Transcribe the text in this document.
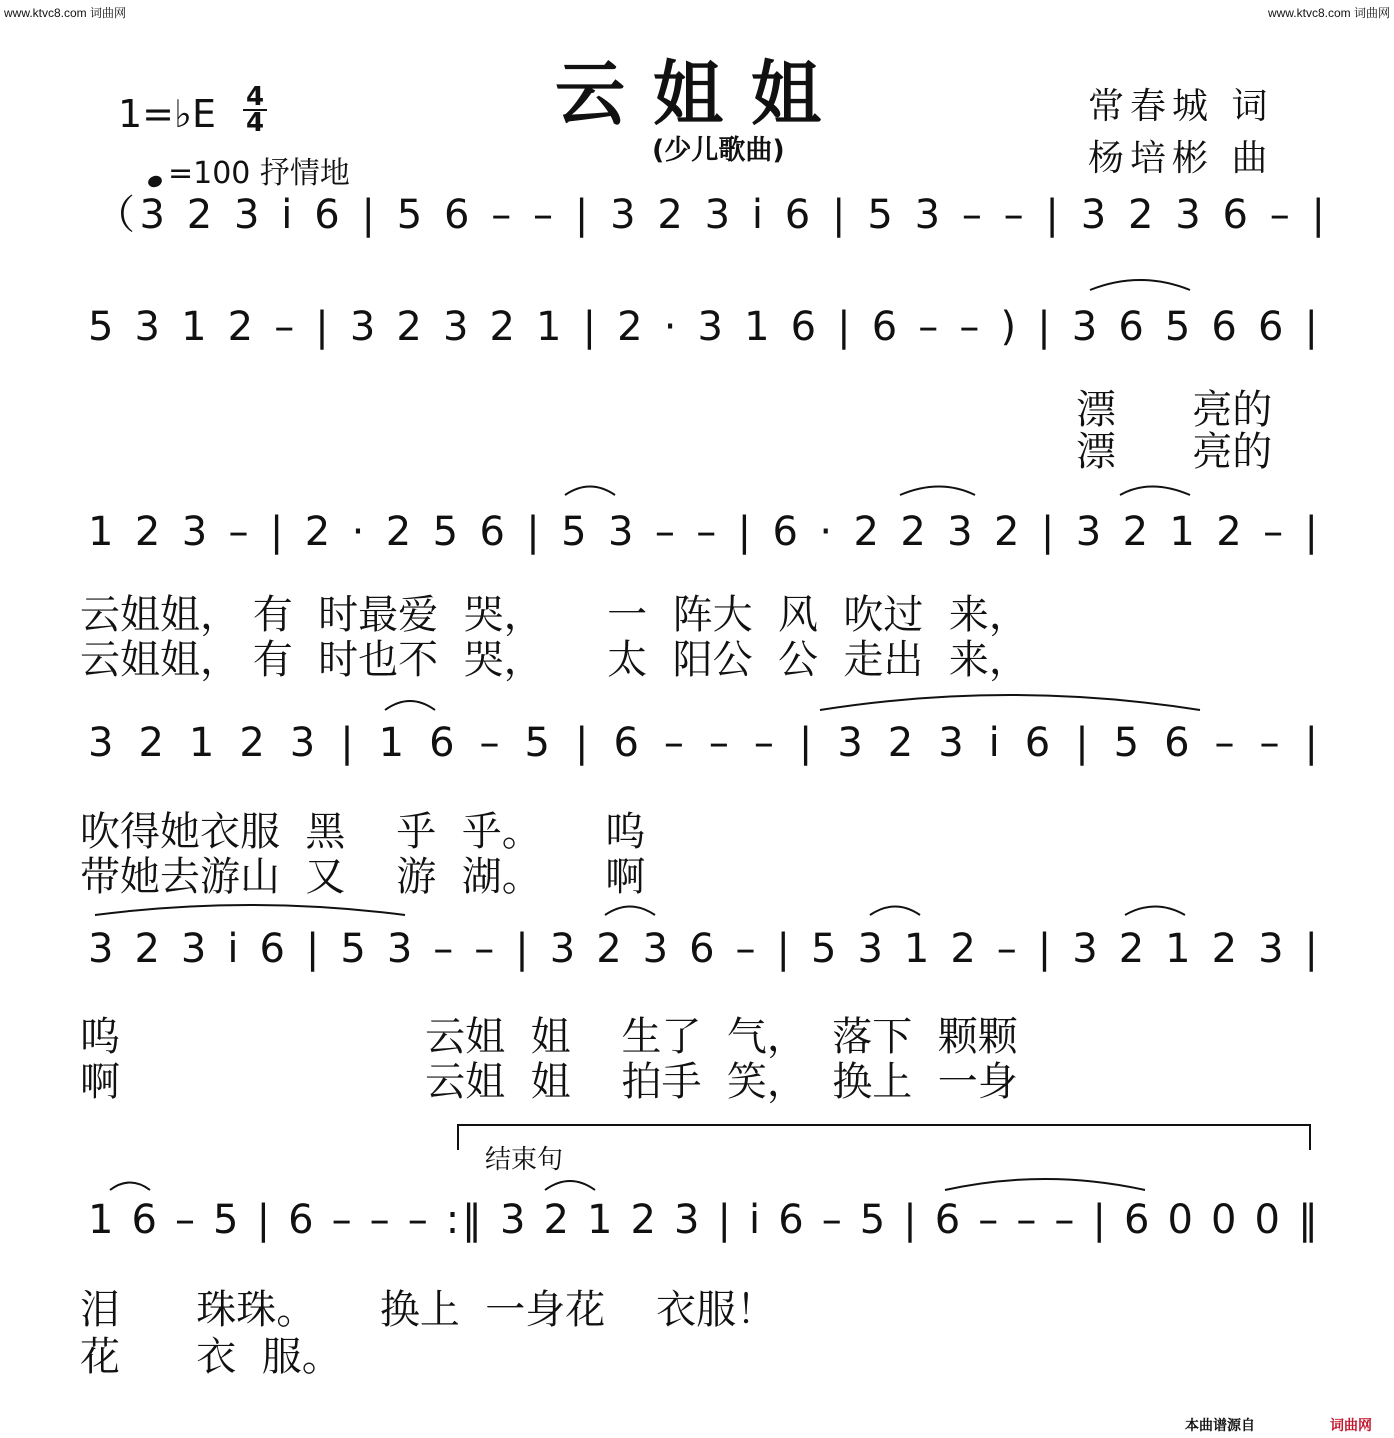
www.ktvc8.com 词曲网	www.ktvc8.com 词曲网
云姐姐
(少儿歌曲)
常春城 词
杨培彬 曲
1=♭E 4
4
=100 抒情地
（3 2 3 i 6 | 5 6 – – | 3 2 3 i 6 | 5 3 – – | 3 2 3 6 – |
5 3 1 2 – | 3 2 3 2 1 | 2 · 3 1 6 | 6 – – ) | 3 6 5 6 6 |
1 2 3 – | 2 · 2 5 6 | 5 3 – – | 6 · 2 2 3 2 | 3 2 1 2 – |
3 2 1 2 3 | 1 6 – 5 | 6 – – – | 3 2 3 i 6 | 5 6 – – |
3 2 3 i 6 | 5 3 – – | 3 2 3 6 – | 5 3 1 2 – | 3 2 1 2 3 |
1 6 – 5 | 6 – – – :‖ 3 2 1 2 3 | i 6 – 5 | 6 – – – | 6 0 0 0 ‖
结束句
漂      亮的
漂      亮的
云姐姐， 有  时最爱  哭，     一  阵大  风  吹过  来，
云姐姐， 有  时也不  哭，     太  阳公  公  走出  来，
吹得她衣服  黑    乎  乎。     呜
带她去游山  又    游  湖。     啊
呜                        云姐  姐    生了  气，  落下  颗颗
啊                        云姐  姐    拍手  笑，  换上  一身
泪      珠珠。     换上  一身花    衣服！
花      衣  服。
本曲谱源自	词曲网
